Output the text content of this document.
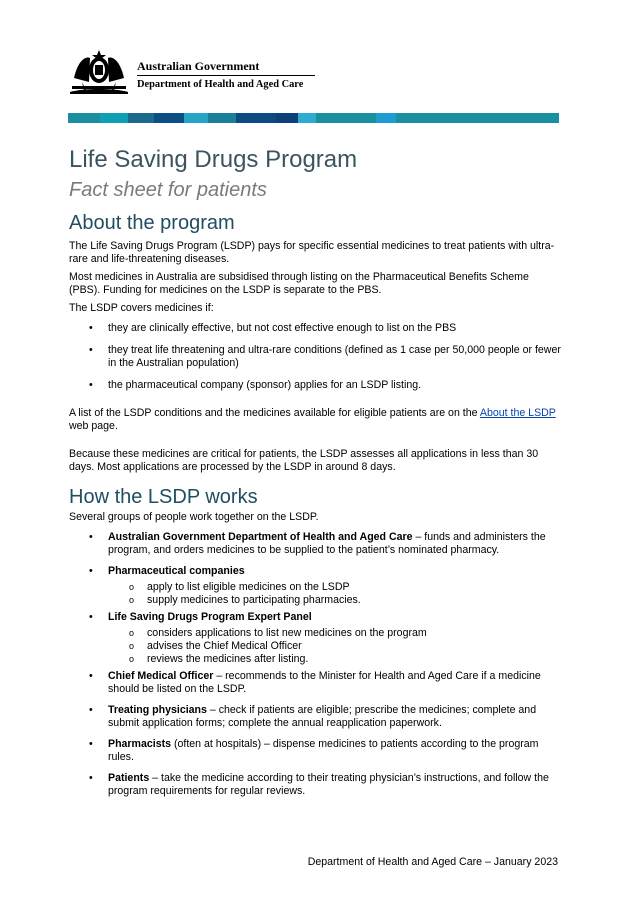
Australian Government
Department of Health and Aged Care
Life Saving Drugs Program
Fact sheet for patients
About the program

The Life Saving Drugs Program (LSDP) pays for specific essential medicines to treat patients with ultra-rare and life-threatening diseases.

Most medicines in Australia are subsidised through listing on the Pharmaceutical Benefits Scheme (PBS). Funding for medicines on the LSDP is separate to the PBS.

The LSDP covers medicines if:

• they are clinically effective, but not cost effective enough to list on the PBS
• they treat life threatening and ultra-rare conditions (defined as 1 case per 50,000 people or fewer in the Australian population)
• the pharmaceutical company (sponsor) applies for an LSDP listing.

A list of the LSDP conditions and the medicines available for eligible patients are on the About the LSDP web page.

Because these medicines are critical for patients, the LSDP assesses all applications in less than 30 days. Most applications are processed by the LSDP in around 8 days.

How the LSDP works

Several groups of people work together on the LSDP.

• Australian Government Department of Health and Aged Care – funds and administers the program, and orders medicines to be supplied to the patient’s nominated pharmacy.
• Pharmaceutical companies
o apply to list eligible medicines on the LSDP
o supply medicines to participating pharmacies.
• Life Saving Drugs Program Expert Panel
o considers applications to list new medicines on the program
o advises the Chief Medical Officer
o reviews the medicines after listing.
• Chief Medical Officer – recommends to the Minister for Health and Aged Care if a medicine should be listed on the LSDP.
• Treating physicians – check if patients are eligible; prescribe the medicines; complete and submit application forms; complete the annual reapplication paperwork.
• Pharmacists (often at hospitals) – dispense medicines to patients according to the program rules.
• Patients – take the medicine according to their treating physician’s instructions, and follow the program requirements for regular reviews.
Department of Health and Aged Care – January 2023
